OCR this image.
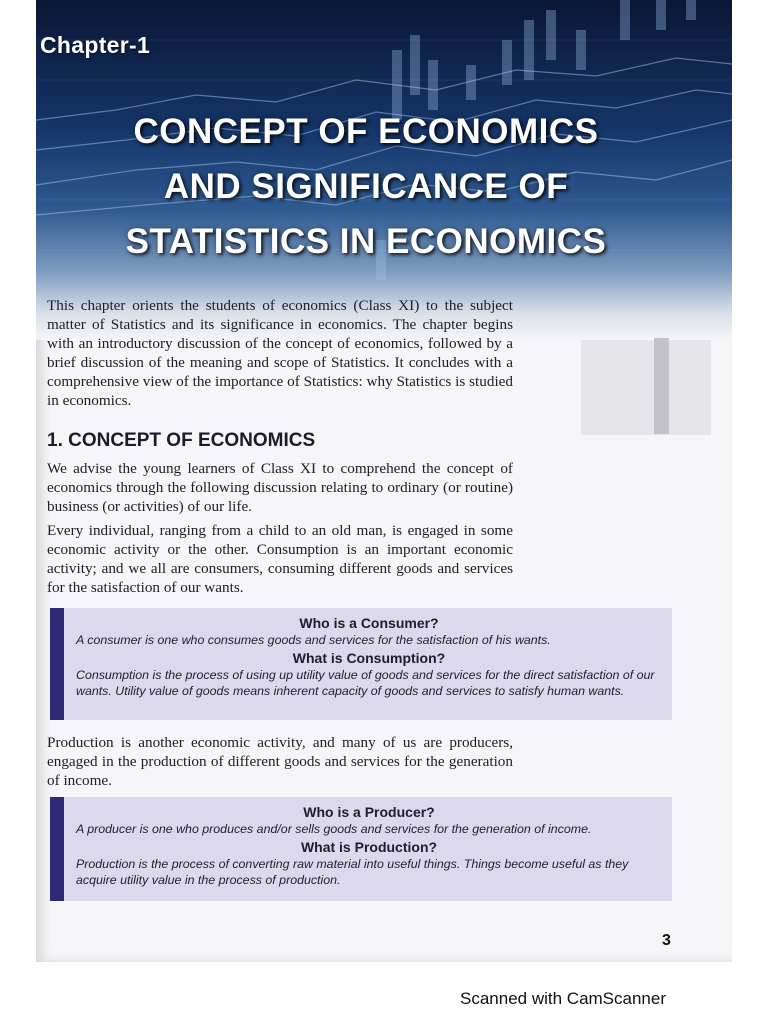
Chapter-1
CONCEPT OF ECONOMICS
AND SIGNIFICANCE OF
STATISTICS IN ECONOMICS

This chapter orients the students of economics (Class XI) to the subject matter of Statistics and its significance in economics. The chapter begins with an introductory discussion of the concept of economics, followed by a brief discussion of the meaning and scope of Statistics. It concludes with a comprehensive view of the importance of Statistics: why Statistics is studied in economics.

1. CONCEPT OF ECONOMICS

We advise the young learners of Class XI to comprehend the concept of economics through the following discussion relating to ordinary (or routine) business (or activities) of our life.

Every individual, ranging from a child to an old man, is engaged in some economic activity or the other. Consumption is an important economic activity; and we all are consumers, consuming different goods and services for the satisfaction of our wants.

Who is a Consumer?
A consumer is one who consumes goods and services for the satisfaction of his wants.
What is Consumption?
Consumption is the process of using up utility value of goods and services for the direct satisfaction of our wants. Utility value of goods means inherent capacity of goods and services to satisfy human wants.

Production is another economic activity, and many of us are producers, engaged in the production of different goods and services for the generation of income.

Who is a Producer?
A producer is one who produces and/or sells goods and services for the generation of income.
What is Production?
Production is the process of converting raw material into useful things. Things become useful as they acquire utility value in the process of production.
3
Scanned with CamScanner
